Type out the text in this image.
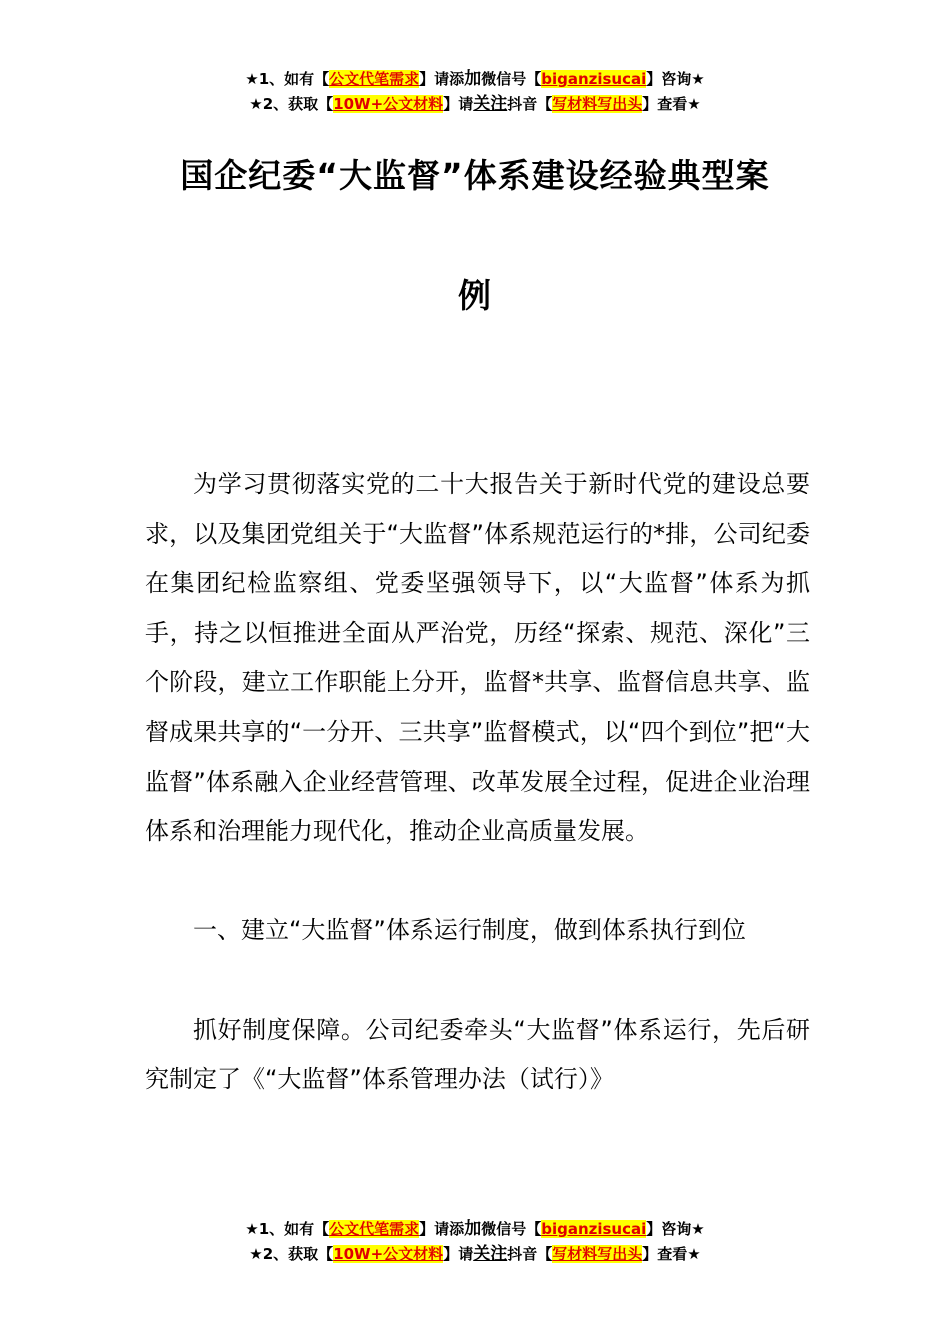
★1、如有【公文代笔需求】请添加微信号【biganzisucai】咨询★
★2、获取【10W+公文材料】请关注抖音【写材料写出头】查看★
国企纪委“大监督”体系建设经验典型案
例

为学习贯彻落实党的二十大报告关于新时代党的建设总要求，以及集团党组关于“大监督”体系规范运行的*排，公司纪委在集团纪检监察组、党委坚强领导下，以“大监督”体系为抓手，持之以恒推进全面从严治党，历经“探索、规范、深化”三个阶段，建立工作职能上分开，监督*共享、监督信息共享、监督成果共享的“一分开、三共享”监督模式，以“四个到位”把“大监督”体系融入企业经营管理、改革发展全过程，促进企业治理体系和治理能力现代化，推动企业高质量发展。

一、建立“大监督”体系运行制度，做到体系执行到位

抓好制度保障。公司纪委牵头“大监督”体系运行，先后研究制定了《“大监督”体系管理办法（试行）》

★1、如有【公文代笔需求】请添加微信号【biganzisucai】咨询★
★2、获取【10W+公文材料】请关注抖音【写材料写出头】查看★
